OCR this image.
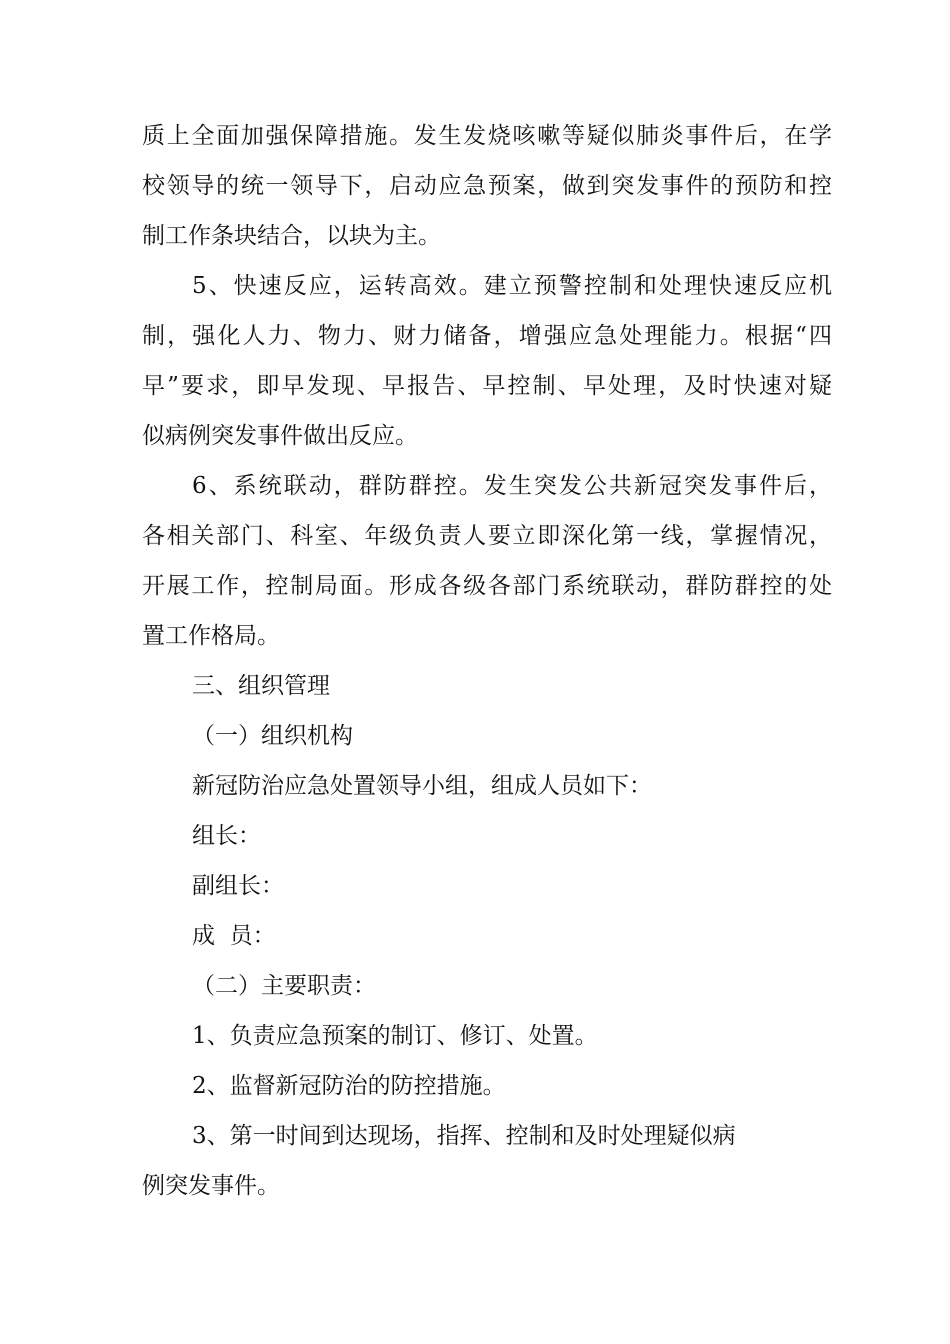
质上全面加强保障措施。发生发烧咳嗽等疑似肺炎事件后，在学
校领导的统一领导下，启动应急预案，做到突发事件的预防和控
制工作条块结合，以块为主。
5、快速反应，运转高效。建立预警控制和处理快速反应机
制，强化人力、物力、财力储备，增强应急处理能力。根据“四
早”要求，即早发现、早报告、早控制、早处理，及时快速对疑
似病例突发事件做出反应。
6、系统联动，群防群控。发生突发公共新冠突发事件后，
各相关部门、科室、年级负责人要立即深化第一线，掌握情况，
开展工作，控制局面。形成各级各部门系统联动，群防群控的处
置工作格局。
三、组织管理
（一）组织机构
新冠防治应急处置领导小组，组成人员如下：
组长：
副组长：
成  员：
（二）主要职责：
1、负责应急预案的制订、修订、处置。
2、监督新冠防治的防控措施。
3、第一时间到达现场，指挥、控制和及时处理疑似病
例突发事件。
